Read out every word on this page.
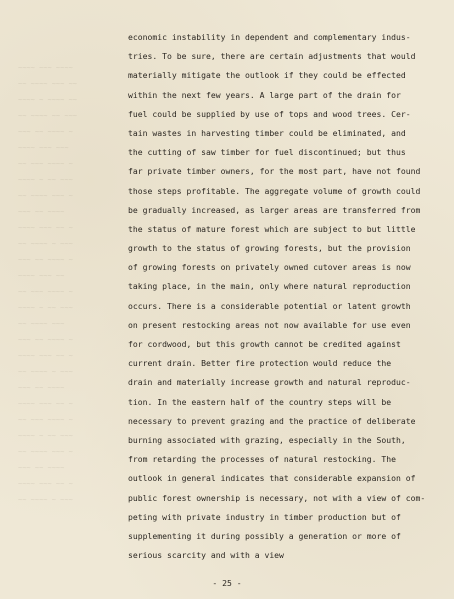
~~~~ ~~~ ~~~~
~~ ~~~~ ~~~ ~~
~~~~ ~ ~~~~ ~~
~~ ~~~~ ~~ ~~~
~~~ ~~ ~~~~ ~
~~~~ ~~~ ~~~
~~ ~~~ ~~~~ ~
~~~~ ~ ~~ ~~~
~~ ~~~~ ~~~ ~
~~~ ~~ ~~~~
~~~~ ~~~ ~~ ~
~~ ~~~~ ~ ~~~
~~~ ~~ ~~~~ ~
~~~~ ~~~ ~~
~~ ~~~ ~~~~ ~
~~~~ ~ ~~ ~~~
~~ ~~~~ ~~~
~~~ ~~ ~~~~ ~
~~~~ ~~~ ~~ ~
~~ ~~~~ ~ ~~~
~~~ ~~ ~~~~
~~~~ ~~~ ~~ ~
~~ ~~~ ~~~~ ~
~~~~ ~ ~~ ~~~
~~ ~~~~ ~~~ ~
~~~ ~~ ~~~~
~~~~ ~~~ ~~ ~
~~ ~~~~ ~ ~~~
economic instability in dependent and complementary indus-
tries. To be sure, there are certain adjustments that would
materially mitigate the outlook if they could be effected
within the next few years. A large part of the drain for
fuel could be supplied by use of tops and wood trees. Cer-
tain wastes in harvesting timber could be eliminated, and
the cutting of saw timber for fuel discontinued; but thus
far private timber owners, for the most part, have not found
those steps profitable. The aggregate volume of growth could
be gradually increased, as larger areas are transferred from
the status of mature forest which are subject to but little
growth to the status of growing forests, but the provision
of growing forests on privately owned cutover areas is now
taking place, in the main, only where natural reproduction
occurs. There is a considerable potential or latent growth
on present restocking areas not now available for use even
for cordwood, but this growth cannot be credited against
current drain. Better fire protection would reduce the
drain and materially increase growth and natural reproduc-
tion. In the eastern half of the country steps will be
necessary to prevent grazing and the practice of deliberate
burning associated with grazing, especially in the South,
from retarding the processes of natural restocking. The
outlook in general indicates that considerable expansion of
public forest ownership is necessary, not with a view of com-
peting with private industry in timber production but of
supplementing it during possibly a generation or more of
serious scarcity and with a view
- 25 -
